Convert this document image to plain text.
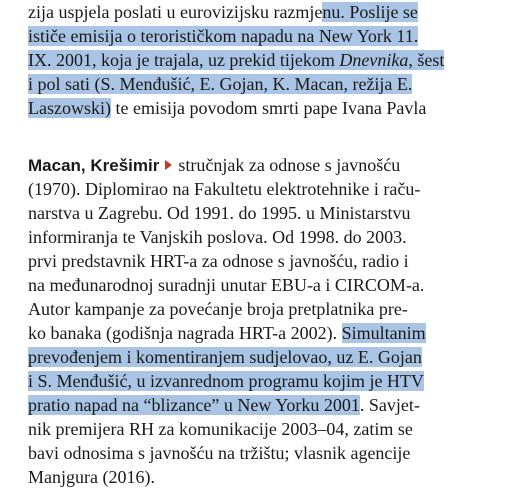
zija uspjela poslati u eurovizijsku razmjenu. Poslije se
ističe emisija o terorističkom napadu na New York 11.
IX. 2001, koja je trajala, uz prekid tijekom Dnevnika, šest
i pol sati (S. Menđušić, E. Gojan, K. Macan, režija E.
Laszowski) te emisija povodom smrti pape Ivana Pavla
Macan, Krešimir stručnjak za odnose s javnošću
(1970). Diplomirao na Fakultetu elektrotehnike i raču-
narstva u Zagrebu. Od 1991. do 1995. u Ministarstvu
informiranja te Vanjskih poslova. Od 1998. do 2003.
prvi predstavnik HRT-a za odnose s javnošću, radio i
na međunarodnoj suradnji unutar EBU-a i CIRCOM-a.
Autor kampanje za povećanje broja pretplatnika pre-
ko banaka (godišnja nagrada HRT-a 2002). Simultanim
prevođenjem i komentiranjem sudjelovao, uz E. Gojan
i S. Menđušić, u izvanrednom programu kojim je HTV
pratio napad na “blizance” u New Yorku 2001. Savjet-
nik premijera RH za komunikacije 2003–04, zatim se
bavi odnosima s javnošću na tržištu; vlasnik agencije
Manjgura (2016).
